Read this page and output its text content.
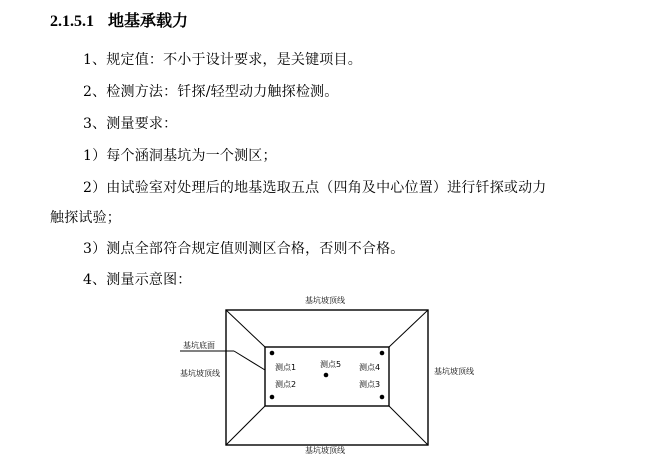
2.1.5.1 地基承载力
1、规定值：不小于设计要求，是关键项目。
2、检测方法：钎探/轻型动力触探检测。
3、测量要求：
1）每个涵洞基坑为一个测区；
2）由试验室对处理后的地基选取五点（四角及中心位置）进行钎探或动力
触探试验；
3）测点全部符合规定值则测区合格，否则不合格。
4、测量示意图：
基坑坡顶线
基坑坡顶线
基坑坡顶线	基坑坡顶线
基坑底面
测点1
测点2	测点3
测点4
测点5
